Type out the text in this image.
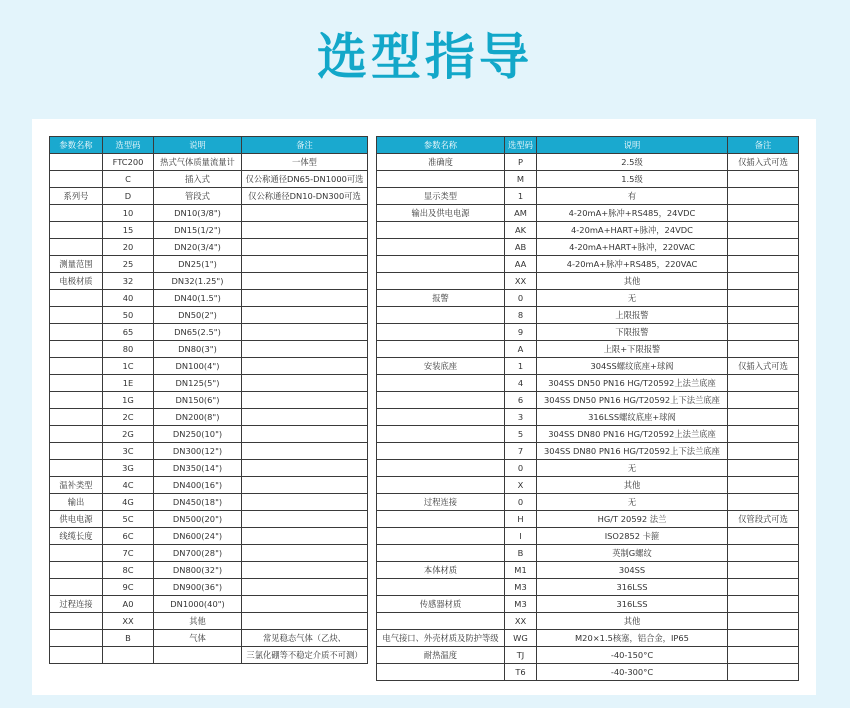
选型指导
参数名称	选型码	说明	备注
	FTC200	热式气体质量流量计	一体型
	C	插入式	仅公称通径DN65-DN1000可选
系列号	D	管段式	仅公称通径DN10-DN300可选
	10	DN10(3/8")	
	15	DN15(1/2")	
	20	DN20(3/4")	
测量范围	25	DN25(1")	
电极材质	32	DN32(1.25")	
	40	DN40(1.5")	
	50	DN50(2")	
	65	DN65(2.5")	
	80	DN80(3")	
	1C	DN100(4")	
	1E	DN125(5")	
	1G	DN150(6")	
	2C	DN200(8")	
	2G	DN250(10")	
	3C	DN300(12")	
	3G	DN350(14")	
温补类型	4C	DN400(16")	
输出	4G	DN450(18")	
供电电源	5C	DN500(20")	
线缆长度	6C	DN600(24")	
	7C	DN700(28")	
	8C	DN800(32")	
	9C	DN900(36")	
过程连接	A0	DN1000(40")	
	XX	其他	
	B	气体	常见稳态气体（乙炔、
			三氯化硼等不稳定介质不可测）
参数名称	选型码	说明	备注
准确度	P	2.5级	仅插入式可选
	M	1.5级	
显示类型	1	有	
输出及供电电源	AM	4-20mA+脉冲+RS485，24VDC	
	AK	4-20mA+HART+脉冲，24VDC	
	AB	4-20mA+HART+脉冲，220VAC	
	AA	4-20mA+脉冲+RS485，220VAC	
	XX	其他	
报警	0	无	
	8	上限报警	
	9	下限报警	
	A	上限+下限报警	
安装底座	1	304SS螺纹底座+球阀	仅插入式可选
	4	304SS DN50 PN16 HG/T20592上法兰底座	
	6	304SS DN50 PN16 HG/T20592上下法兰底座	
	3	316LSS螺纹底座+球阀	
	5	304SS DN80 PN16 HG/T20592上法兰底座	
	7	304SS DN80 PN16 HG/T20592上下法兰底座	
	0	无	
	X	其他	
过程连接	0	无	
	H	HG/T 20592 法兰	仅管段式可选
	I	ISO2852 卡箍	
	B	英制G螺纹	
本体材质	M1	304SS	
	M3	316LSS	
传感器材质	M3	316LSS	
	XX	其他	
电气接口、外壳材质及防护等级	WG	M20×1.5核塞，铝合金，IP65	
耐热温度	TJ	-40-150°C	
	T6	-40-300°C	
